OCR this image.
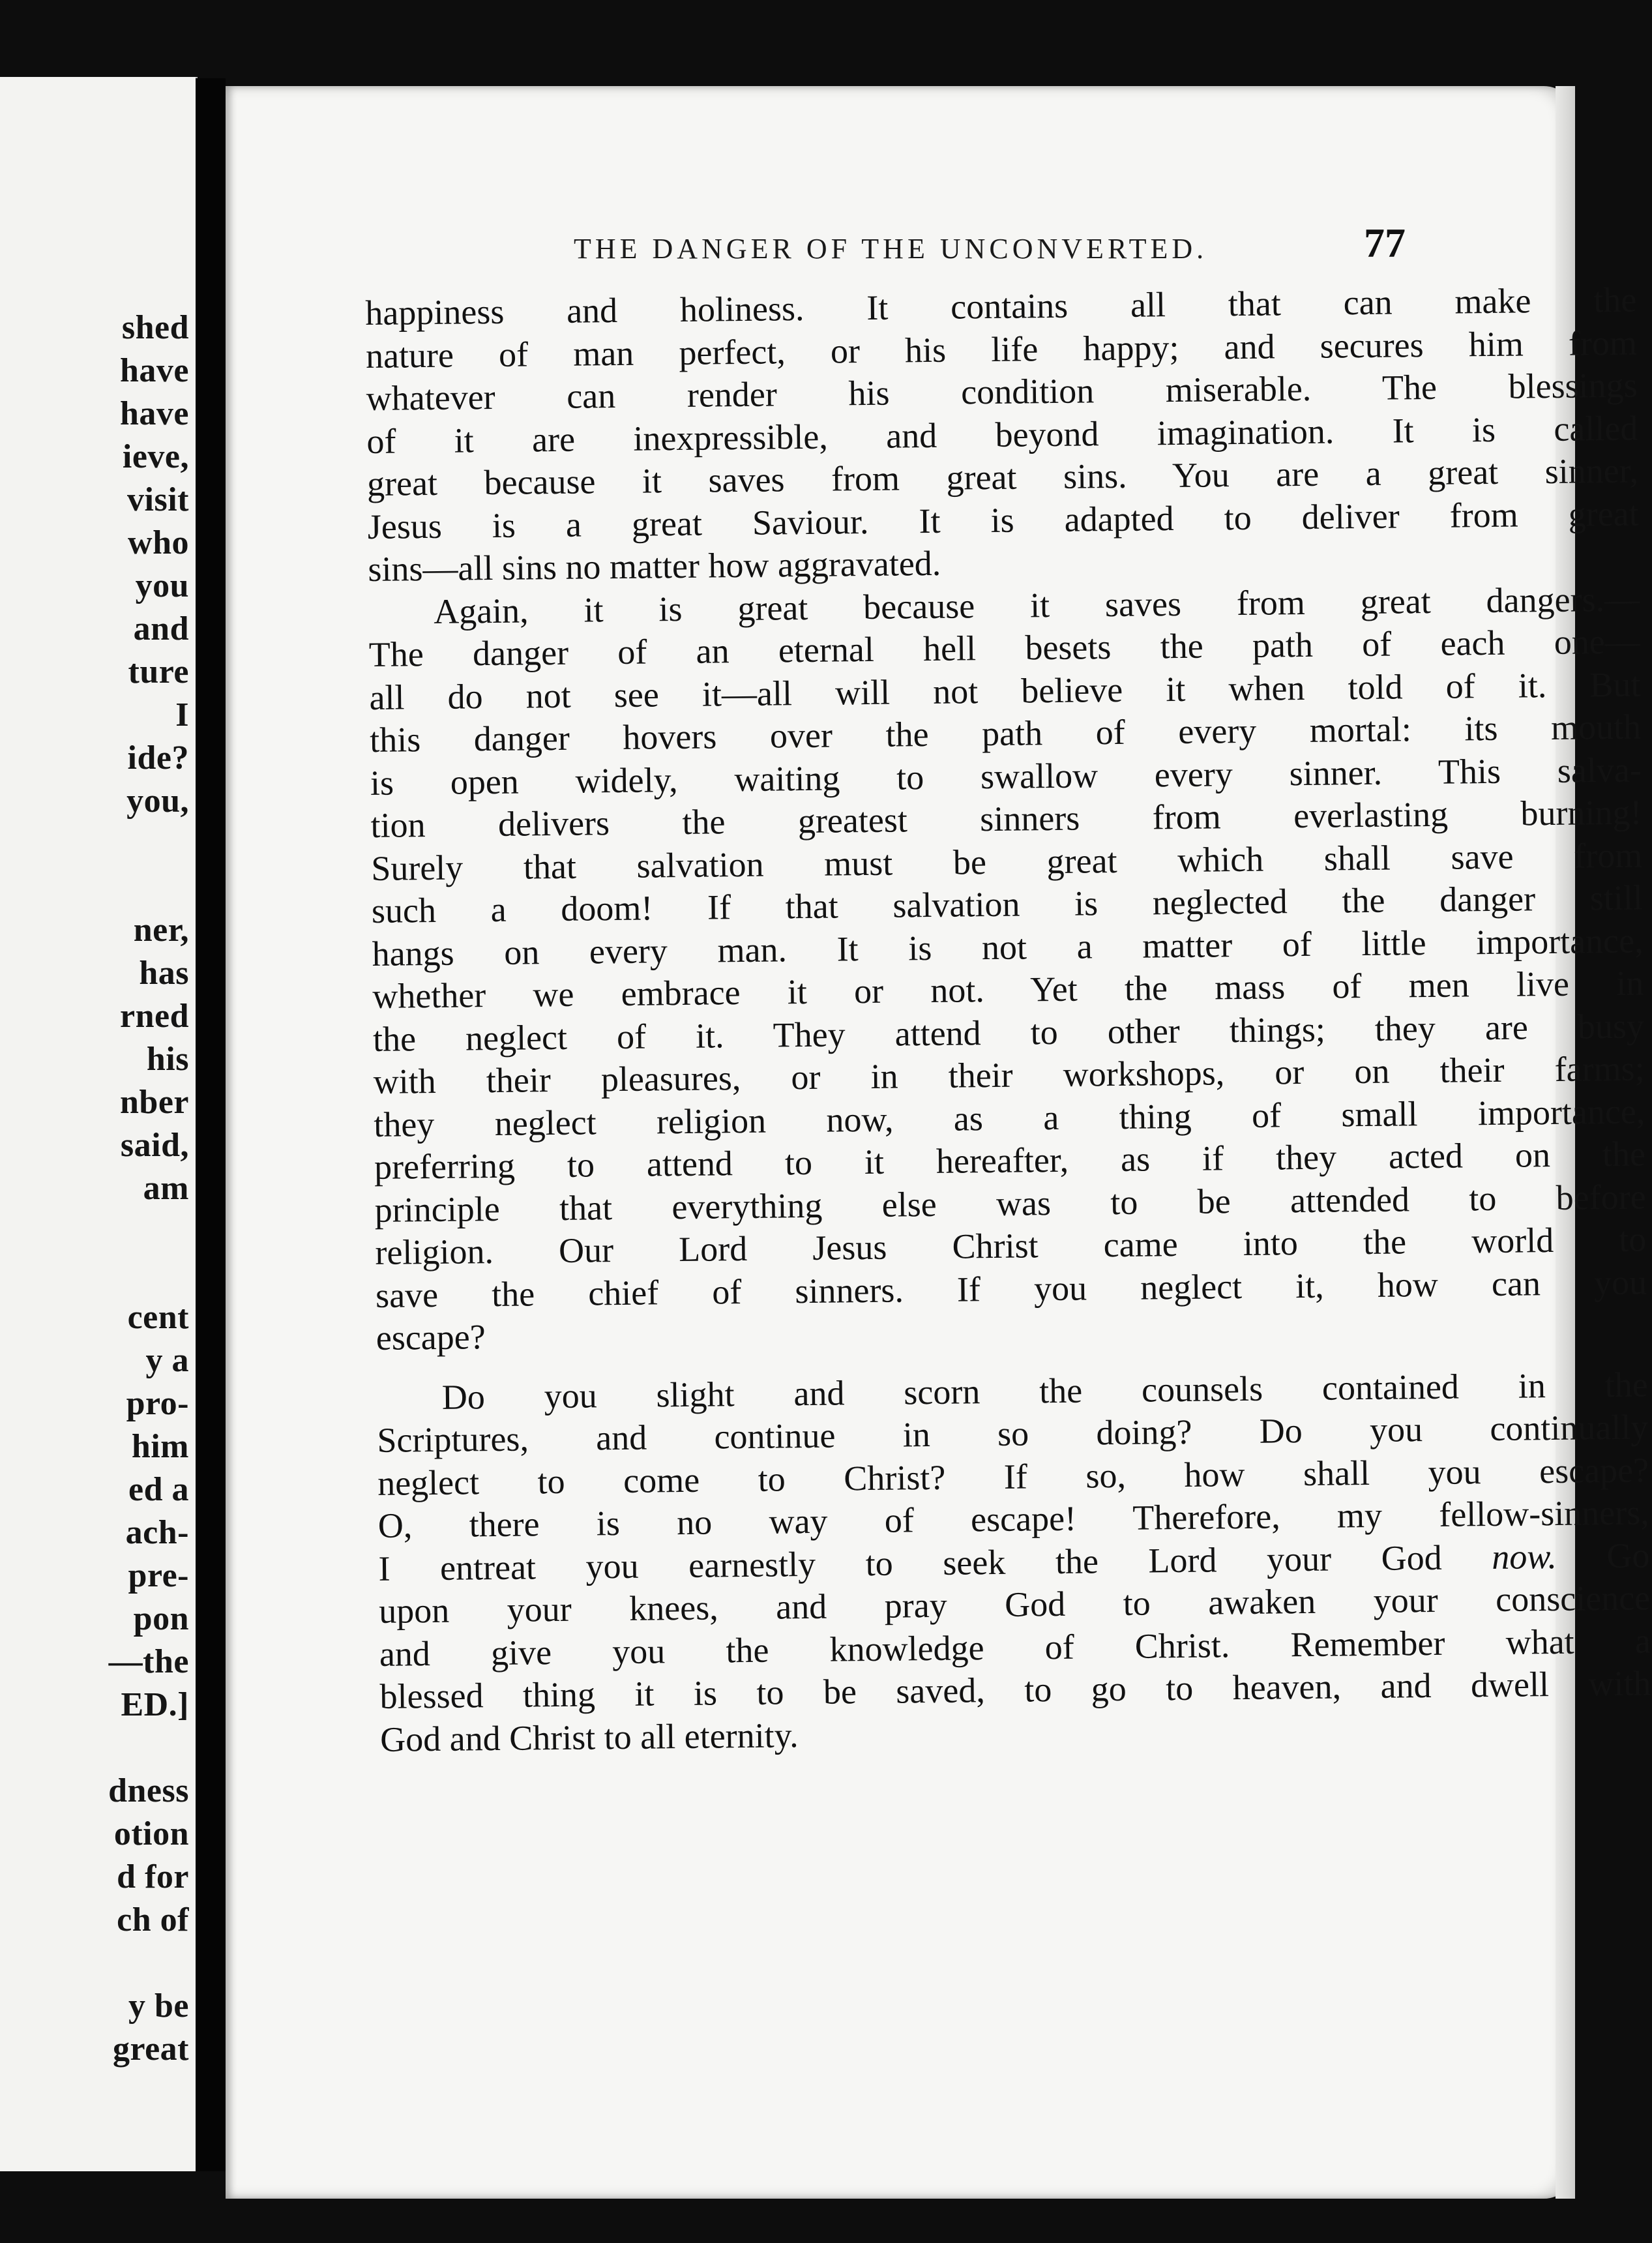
shed
have
have
ieve,
visit
who
you
and
ture
I
ide?
you,
ner,
has
rned
his
nber
said,
am
cent
y a
pro-
him
ed a
ach-
pre-
pon
—the
ED.]
dness
otion
d for
ch of
y be
great
THE DANGER OF THE UNCONVERTED.	77
happiness and holiness. It contains all that can make the
nature of man perfect, or his life happy; and secures him from
whatever can render his condition miserable. The blessings
of it are inexpressible, and beyond imagination. It is called
great because it saves from great sins. You are a great sinner,
Jesus is a great Saviour. It is adapted to deliver from great
sins—all sins no matter how aggravated.
Again, it is great because it saves from great dangers.—
The danger of an eternal hell besets the path of each one—
all do not see it—all will not believe it when told of it. But
this danger hovers over the path of every mortal: its mouth
is open widely, waiting to swallow every sinner. This salva-
tion delivers the greatest sinners from everlasting burning!
Surely that salvation must be great which shall save from
such a doom! If that salvation is neglected the danger still
hangs on every man. It is not a matter of little importance,
whether we embrace it or not. Yet the mass of men live in
the neglect of it. They attend to other things; they are busy
with their pleasures, or in their workshops, or on their farms;
they neglect religion now, as a thing of small importance,
preferring to attend to it hereafter, as if they acted on the
principle that everything else was to be attended to before
religion. Our Lord Jesus Christ came into the world to
save the chief of sinners. If you neglect it, how can you
escape?
Do you slight and scorn the counsels contained in the
Scriptures, and continue in so doing? Do you continually
neglect to come to Christ? If so, how shall you escape?
O, there is no way of escape! Therefore, my fellow-sinners,
I entreat you earnestly to seek the Lord your God now. Go
upon your knees, and pray God to awaken your conscience
and give you the knowledge of Christ. Remember what a
blessed thing it is to be saved, to go to heaven, and dwell with
God and Christ to all eternity.
